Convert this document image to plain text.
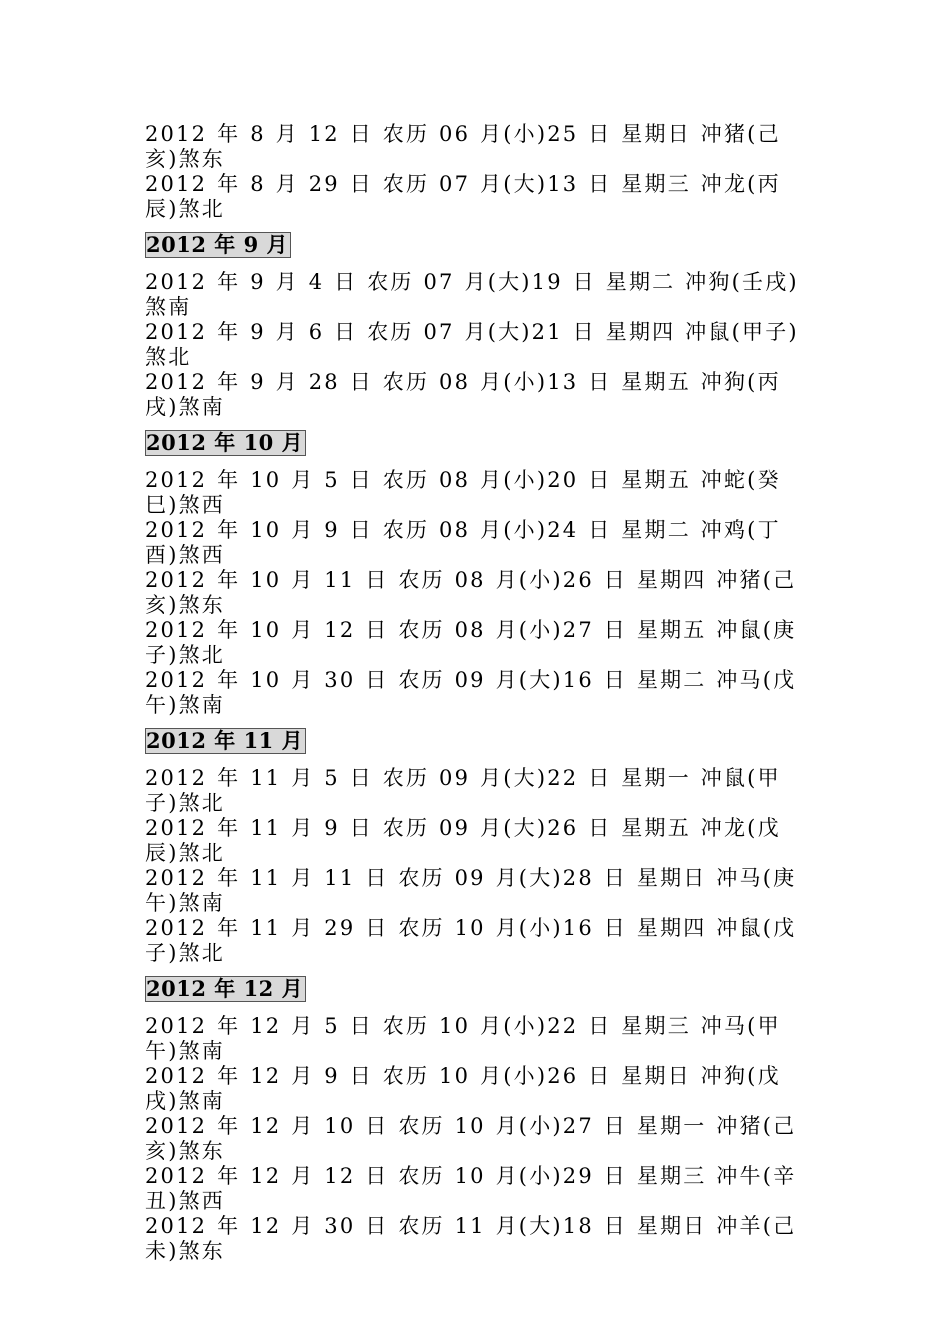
2012 年 8 月 12 日 农历 06 月(小)25 日 星期日 冲猪(己亥)煞东
2012 年 8 月 29 日 农历 07 月(大)13 日 星期三 冲龙(丙辰)煞北
2012 年 9 月
2012 年 9 月 4 日 农历 07 月(大)19 日 星期二 冲狗(壬戌)煞南
2012 年 9 月 6 日 农历 07 月(大)21 日 星期四 冲鼠(甲子)煞北
2012 年 9 月 28 日 农历 08 月(小)13 日 星期五 冲狗(丙戌)煞南
2012 年 10 月
2012 年 10 月 5 日 农历 08 月(小)20 日 星期五 冲蛇(癸巳)煞西
2012 年 10 月 9 日 农历 08 月(小)24 日 星期二 冲鸡(丁酉)煞西
2012 年 10 月 11 日 农历 08 月(小)26 日 星期四 冲猪(己亥)煞东
2012 年 10 月 12 日 农历 08 月(小)27 日 星期五 冲鼠(庚子)煞北
2012 年 10 月 30 日 农历 09 月(大)16 日 星期二 冲马(戊午)煞南
2012 年 11 月
2012 年 11 月 5 日 农历 09 月(大)22 日 星期一 冲鼠(甲子)煞北
2012 年 11 月 9 日 农历 09 月(大)26 日 星期五 冲龙(戊辰)煞北
2012 年 11 月 11 日 农历 09 月(大)28 日 星期日 冲马(庚午)煞南
2012 年 11 月 29 日 农历 10 月(小)16 日 星期四 冲鼠(戊子)煞北
2012 年 12 月
2012 年 12 月 5 日 农历 10 月(小)22 日 星期三 冲马(甲午)煞南
2012 年 12 月 9 日 农历 10 月(小)26 日 星期日 冲狗(戊戌)煞南
2012 年 12 月 10 日 农历 10 月(小)27 日 星期一 冲猪(己亥)煞东
2012 年 12 月 12 日 农历 10 月(小)29 日 星期三 冲牛(辛丑)煞西
2012 年 12 月 30 日 农历 11 月(大)18 日 星期日 冲羊(己未)煞东
